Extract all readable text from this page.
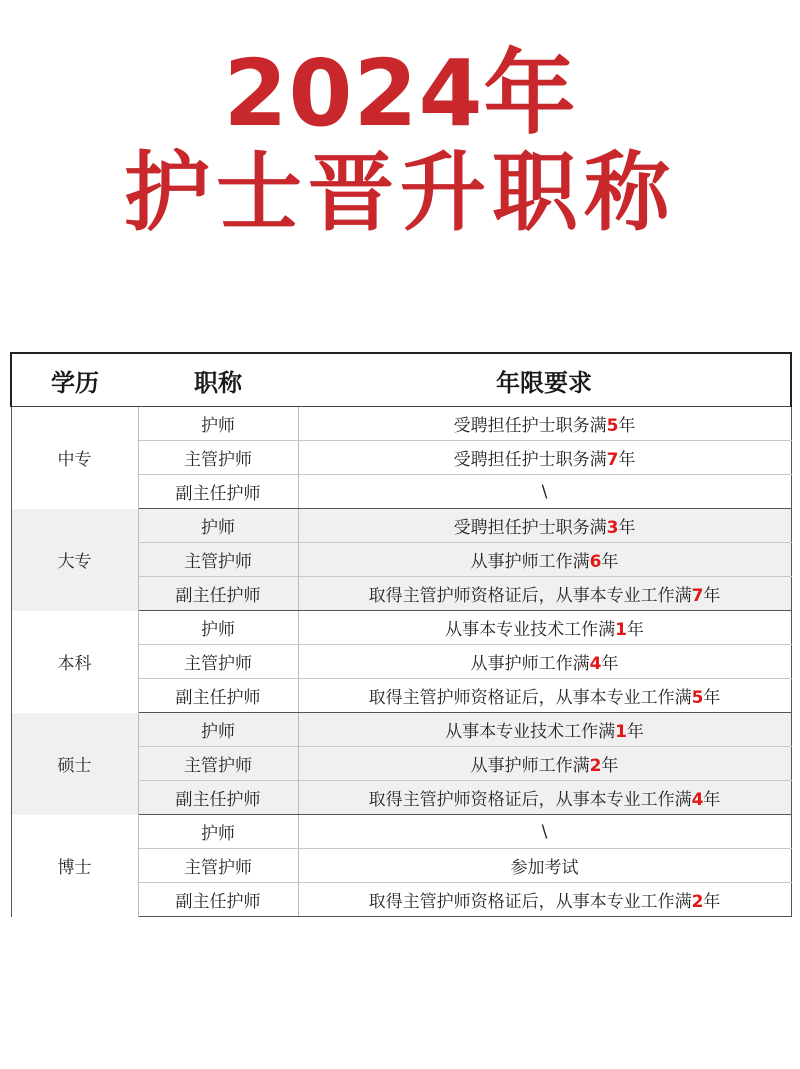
2024年
护士晋升职称
学历	职称	年限要求
中专	护师	受聘担任护士职务满5年
	主管护师	受聘担任护士职务满7年
	副主任护师	\
大专	护师	受聘担任护士职务满3年
	主管护师	从事护师工作满6年
	副主任护师	取得主管护师资格证后，从事本专业工作满7年
本科	护师	从事本专业技术工作满1年
	主管护师	从事护师工作满4年
	副主任护师	取得主管护师资格证后，从事本专业工作满5年
硕士	护师	从事本专业技术工作满1年
	主管护师	从事护师工作满2年
	副主任护师	取得主管护师资格证后，从事本专业工作满4年
博士	护师	\
	主管护师	参加考试
	副主任护师	取得主管护师资格证后，从事本专业工作满2年
